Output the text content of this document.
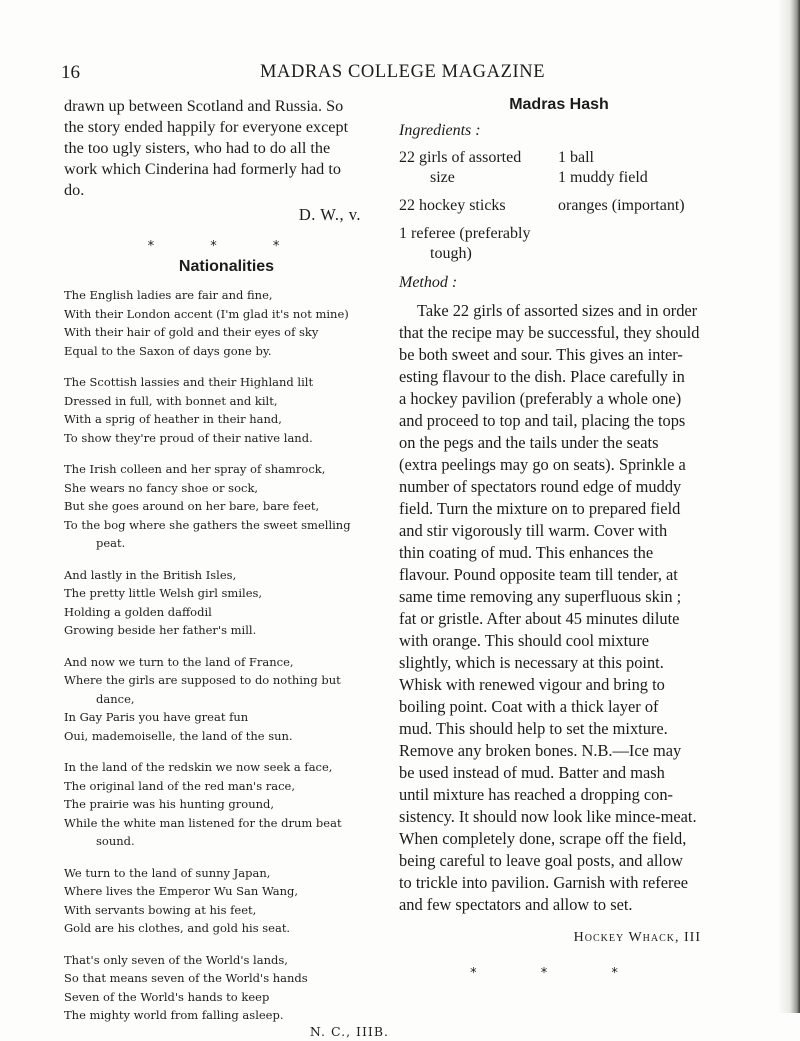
16	MADRAS COLLEGE MAGAZINE
drawn up between Scotland and Russia. So
the story ended happily for everyone except
the too ugly sisters, who had to do all the
work which Cinderina had formerly had to
do.
D. W., v.
* * *
Nationalities
The English ladies are fair and fine,
With their London accent (I'm glad it's not mine)
With their hair of gold and their eyes of sky
Equal to the Saxon of days gone by.
The Scottish lassies and their Highland lilt
Dressed in full, with bonnet and kilt,
With a sprig of heather in their hand,
To show they're proud of their native land.
The Irish colleen and her spray of shamrock,
She wears no fancy shoe or sock,
But she goes around on her bare, bare feet,
To the bog where she gathers the sweet smelling
peat.
And lastly in the British Isles,
The pretty little Welsh girl smiles,
Holding a golden daffodil
Growing beside her father's mill.
And now we turn to the land of France,
Where the girls are supposed to do nothing but
dance,
In Gay Paris you have great fun
Oui, mademoiselle, the land of the sun.
In the land of the redskin we now seek a face,
The original land of the red man's race,
The prairie was his hunting ground,
While the white man listened for the drum beat
sound.
We turn to the land of sunny Japan,
Where lives the Emperor Wu San Wang,
With servants bowing at his feet,
Gold are his clothes, and gold his seat.
That's only seven of the World's lands,
So that means seven of the World's hands
Seven of the World's hands to keep
The mighty world from falling asleep.
N. C., IIIB.
Madras Hash
Ingredients :
22 girls of assorted
size
1 ball
1 muddy field
22 hockey sticks	oranges (important)
1 referee (preferably
tough)
Method :
Take 22 girls of assorted sizes and in order
that the recipe may be successful, they should
be both sweet and sour. This gives an inter-
esting flavour to the dish. Place carefully in
a hockey pavilion (preferably a whole one)
and proceed to top and tail, placing the tops
on the pegs and the tails under the seats
(extra peelings may go on seats). Sprinkle a
number of spectators round edge of muddy
field. Turn the mixture on to prepared field
and stir vigorously till warm. Cover with
thin coating of mud. This enhances the
flavour. Pound opposite team till tender, at
same time removing any superfluous skin ;
fat or gristle. After about 45 minutes dilute
with orange. This should cool mixture
slightly, which is necessary at this point.
Whisk with renewed vigour and bring to
boiling point. Coat with a thick layer of
mud. This should help to set the mixture.
Remove any broken bones. N.B.—Ice may
be used instead of mud. Batter and mash
until mixture has reached a dropping con-
sistency. It should now look like mince-meat.
When completely done, scrape off the field,
being careful to leave goal posts, and allow
to trickle into pavilion. Garnish with referee
and few spectators and allow to set.
Hockey Whack, III
* * *
